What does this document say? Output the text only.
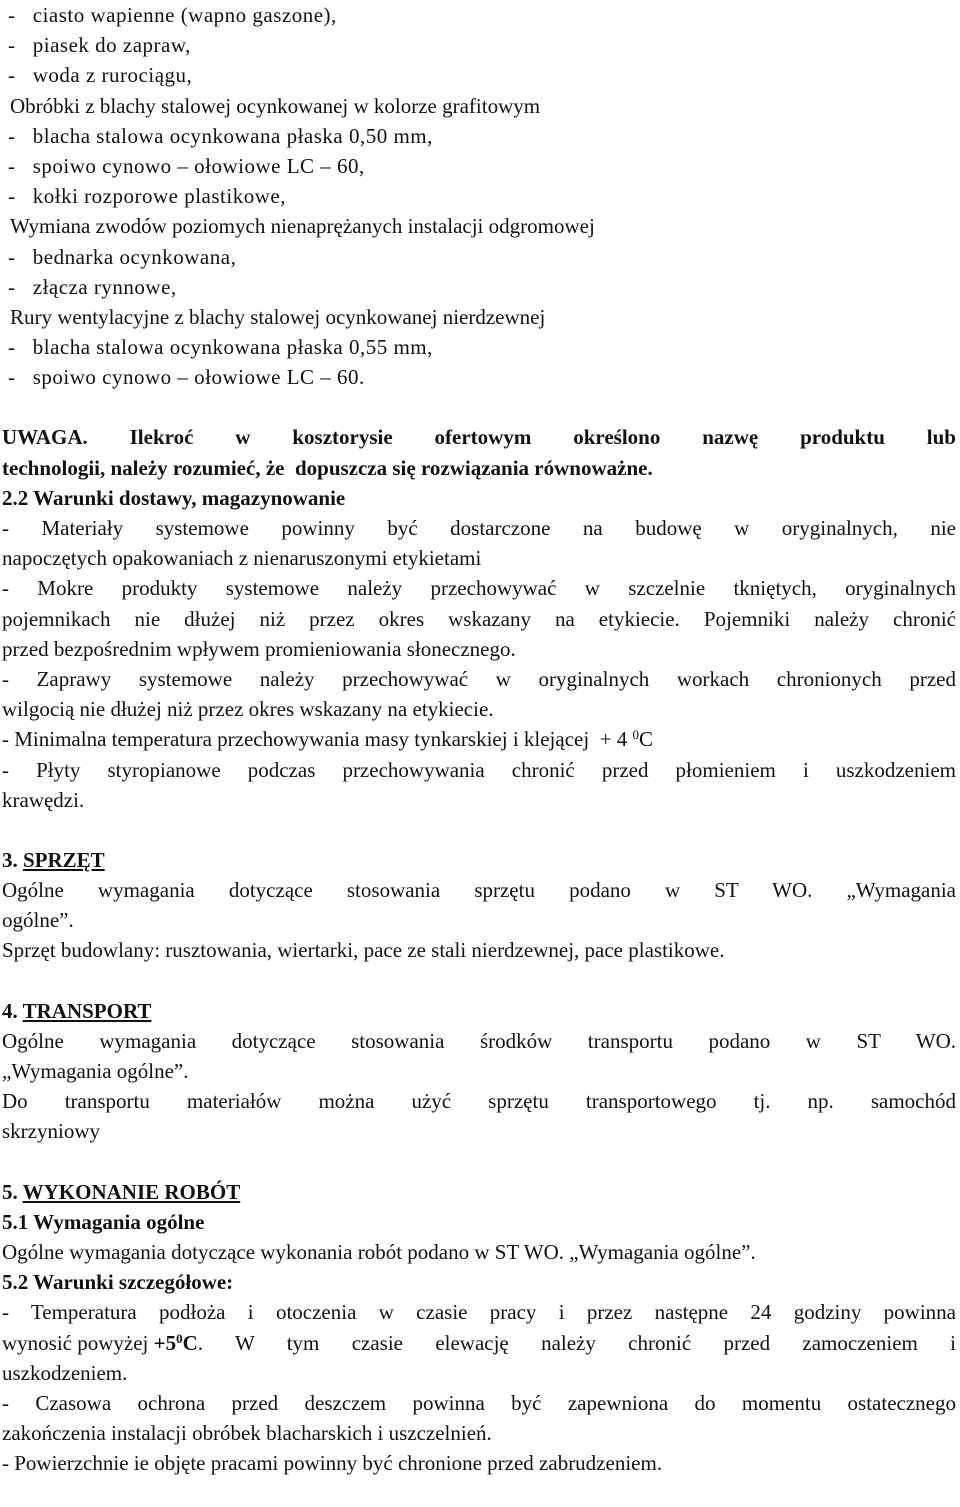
-   ciasto wapienne (wapno gaszone),
-   piasek do zapraw,
-   woda z rurociągu,
Obróbki z blachy stalowej ocynkowanej w kolorze grafitowym
-   blacha stalowa ocynkowana płaska 0,50 mm,
-   spoiwo cynowo – ołowiowe LC – 60,
-   kołki rozporowe plastikowe,
Wymiana zwodów poziomych nienaprężanych instalacji odgromowej
-   bednarka ocynkowana,
-   złącza rynnowe,
Rury wentylacyjne z blachy stalowej ocynkowanej nierdzewnej
-   blacha stalowa ocynkowana płaska 0,55 mm,
-   spoiwo cynowo – ołowiowe LC – 60.
UWAGA. Ilekroć w kosztorysie ofertowym określono nazwę produktu lub
technologii, należy rozumieć, że  dopuszcza się rozwiązania równoważne.
2.2 Warunki dostawy, magazynowanie
- Materiały systemowe powinny być dostarczone na budowę w oryginalnych, nie
napoczętych opakowaniach z nienaruszonymi etykietami
- Mokre produkty systemowe należy przechowywać w szczelnie tkniętych, oryginalnych
pojemnikach nie dłużej niż przez okres wskazany na etykiecie. Pojemniki należy chronić
przed bezpośrednim wpływem promieniowania słonecznego.
- Zaprawy systemowe należy przechowywać w oryginalnych workach chronionych przed
wilgocią nie dłużej niż przez okres wskazany na etykiecie.
- Minimalna temperatura przechowywania masy tynkarskiej i klejącej  + 4 $^0$C
- Płyty styropianowe podczas przechowywania chronić przed płomieniem i uszkodzeniem
krawędzi.
3. SPRZĘT
Ogólne wymagania dotyczące stosowania sprzętu podano w ST WO. „Wymagania
ogólne”.
Sprzęt budowlany: rusztowania, wiertarki, pace ze stali nierdzewnej, pace plastikowe.
4. TRANSPORT
Ogólne wymagania dotyczące stosowania środków transportu podano w ST WO.
„Wymagania ogólne”.
Do transportu materiałów można użyć sprzętu transportowego tj. np. samochód
skrzyniowy
5. WYKONANIE ROBÓT
5.1 Wymagania ogólne
Ogólne wymagania dotyczące wykonania robót podano w ST WO. „Wymagania ogólne”.
5.2 Warunki szczegółowe:
- Temperatura podłoża i otoczenia w czasie pracy i przez następne 24 godziny powinna
wynosić powyżej +5 0 C . W tym czasie elewację należy chronić przed zamoczeniem i
uszkodzeniem.
- Czasowa ochrona przed deszczem powinna być zapewniona do momentu ostatecznego
zakończenia instalacji obróbek blacharskich i uszczelnień.
- Powierzchnie ie objęte pracami powinny być chronione przed zabrudzeniem.
